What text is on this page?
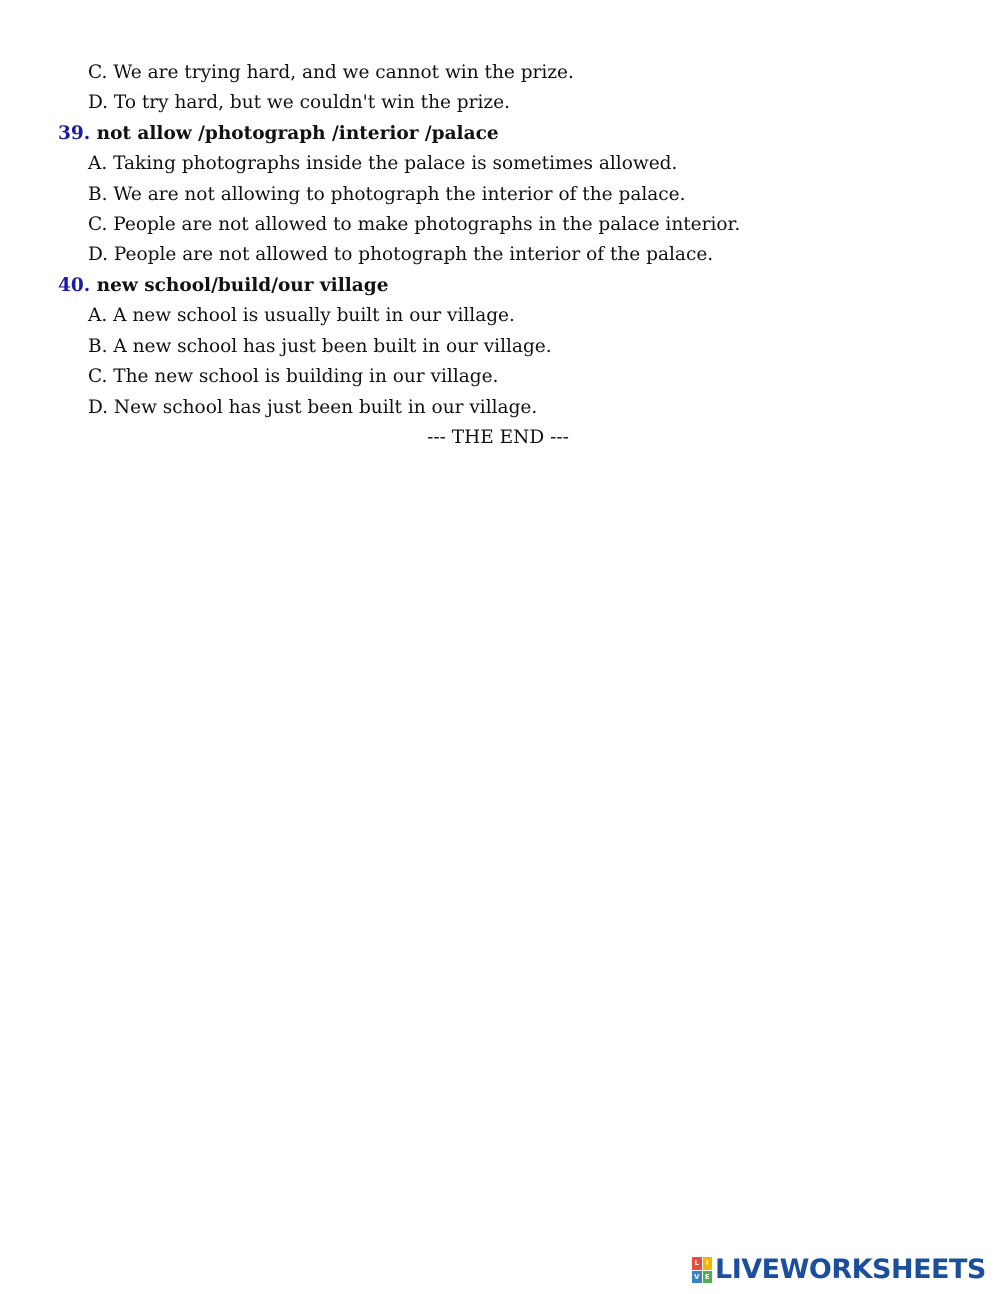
C. We are trying hard, and we cannot win the prize.
D. To try hard, but we couldn't win the prize.
39. not allow /photograph /interior /palace
A. Taking photographs inside the palace is sometimes allowed.
B. We are not allowing to photograph the interior of the palace.
C. People are not allowed to make photographs in the palace interior.
D. People are not allowed to photograph the interior of the palace.
40. new school/build/our village
A. A new school is usually built in our village.
B. A new school has just been built in our village.
C. The new school is building in our village.
D. New school has just been built in our village.
--- THE END ---
L I
V E LIVEWORKSHEETS
